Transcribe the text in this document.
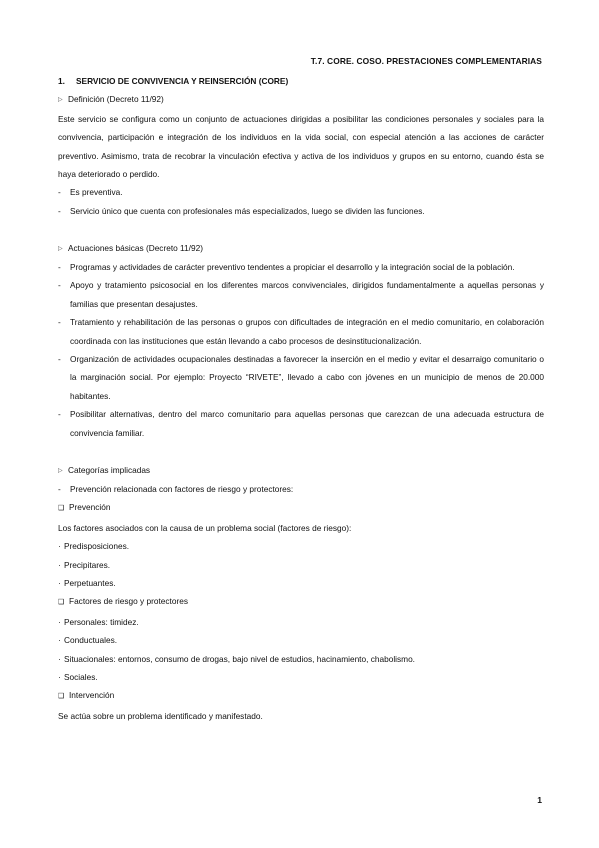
T.7. CORE. COSO. PRESTACIONES COMPLEMENTARIAS

1. SERVICIO DE CONVIVENCIA Y REINSERCIÓN (CORE)

▷ Definición (Decreto 11/92)

Este servicio se configura como un conjunto de actuaciones dirigidas a posibilitar las condiciones personales y sociales para la convivencia, participación e integración de los individuos en la vida social, con especial atención a las acciones de carácter preventivo. Asimismo, trata de recobrar la vinculación efectiva y activa de los individuos y grupos en su entorno, cuando ésta se haya deteriorado o perdido.

-	Es preventiva.

-	Servicio único que cuenta con profesionales más especializados, luego se dividen las funciones.

▷ Actuaciones básicas (Decreto 11/92)

-	Programas y actividades de carácter preventivo tendentes a propiciar el desarrollo y la integración social de la población.

-	Apoyo y tratamiento psicosocial en los diferentes marcos convivenciales, dirigidos fundamentalmente a aquellas personas y familias que presentan desajustes.

-	Tratamiento y rehabilitación de las personas o grupos con dificultades de integración en el medio comunitario, en colaboración coordinada con las instituciones que están llevando a cabo procesos de desinstitucionalización.

-	Organización de actividades ocupacionales destinadas a favorecer la inserción en el medio y evitar el desarraigo comunitario o la marginación social. Por ejemplo: Proyecto “RIVETE”, llevado a cabo con jóvenes en un municipio de menos de 20.000 habitantes.

-	Posibilitar alternativas, dentro del marco comunitario para aquellas personas que carezcan de una adecuada estructura de convivencia familiar.

▷ Categorías implicadas

-	Prevención relacionada con factores de riesgo y protectores:

❑ Prevención

Los factores asociados con la causa de un problema social (factores de riesgo):

· Predisposiciones.

· Precipitares.

· Perpetuantes.

❑ Factores de riesgo y protectores

· Personales: timidez.

· Conductuales.

· Situacionales: entornos, consumo de drogas, bajo nivel de estudios, hacinamiento, chabolismo.

· Sociales.

❑ Intervención

Se actúa sobre un problema identificado y manifestado.

1
